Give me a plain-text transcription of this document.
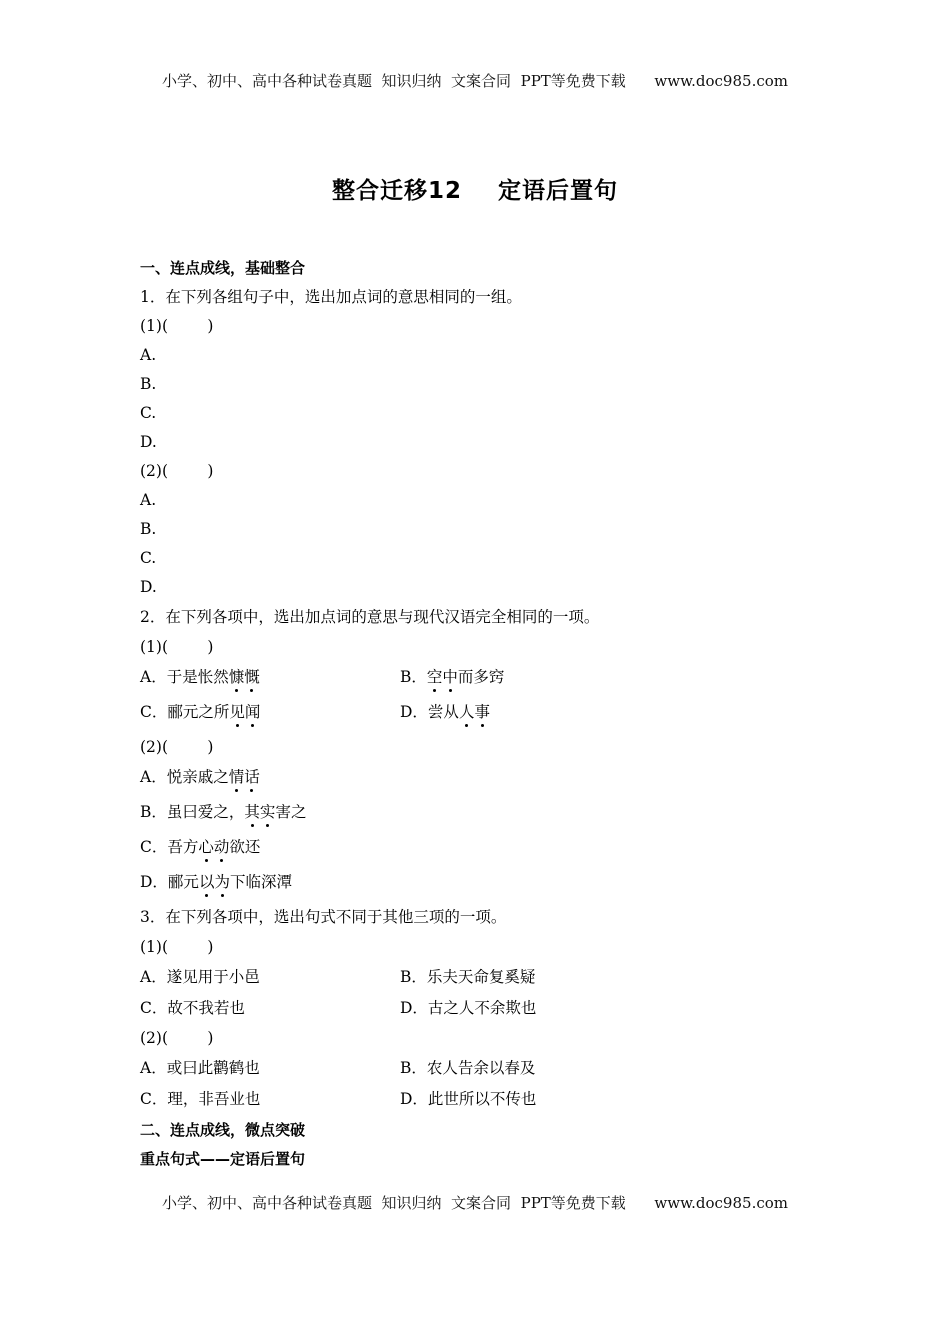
小学、初中、高中各种试卷真题  知识归纳  文案合同  PPT等免费下载      www.doc985.com
整合迁移12    定语后置句
一、连点成线，基础整合
1．在下列各组句子中，选出加点词的意思相同的一组。
(1)(        )
A.
B.
C.
D.
(2)(        )
A.
B.
C.
D.
2．在下列各项中，选出加点词的意思与现代汉语完全相同的一项。
(1)(        )
A．于是怅然慷慨	B．空中而多窍
C．郦元之所见闻	D．尝从人事
(2)(        )
A．悦亲戚之情话
B．虽曰爱之，其实害之
C．吾方心动欲还
D．郦元以为下临深潭
3．在下列各项中，选出句式不同于其他三项的一项。
(1)(        )
A．遂见用于小邑	B．乐夫天命复奚疑
C．故不我若也	D．古之人不余欺也
(2)(        )
A．或曰此鹳鹤也	B．农人告余以春及
C．理，非吾业也	D．此世所以不传也
二、连点成线，微点突破
重点句式——定语后置句
小学、初中、高中各种试卷真题  知识归纳  文案合同  PPT等免费下载      www.doc985.com
